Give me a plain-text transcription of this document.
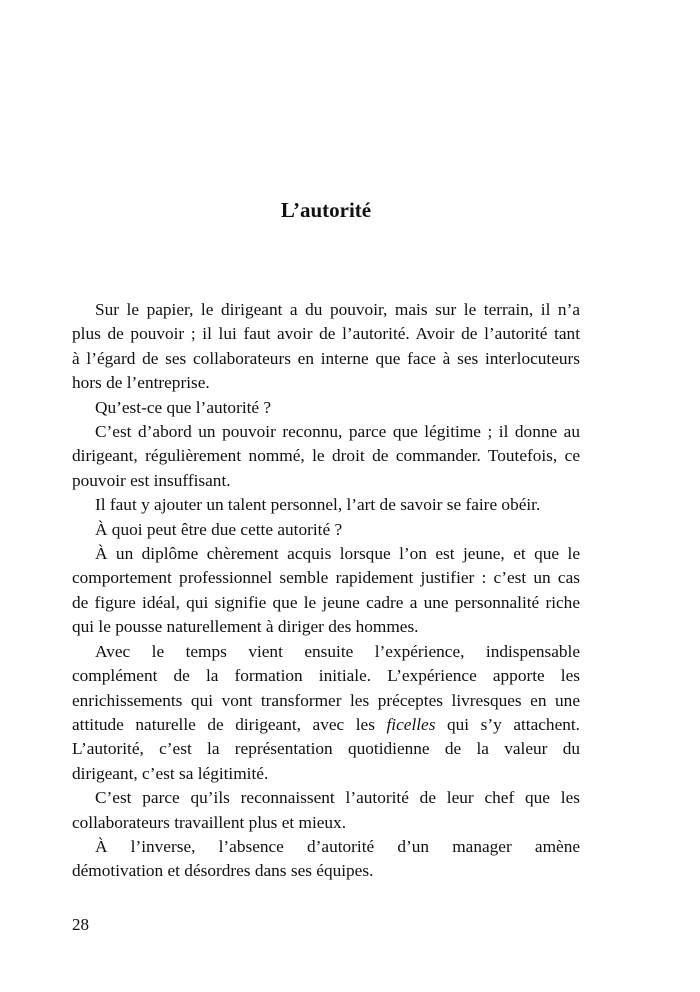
L’autorité
Sur le papier, le dirigeant a du pouvoir, mais sur le terrain, il n’a
plus de pouvoir ; il lui faut avoir de l’autorité. Avoir de l’autorité tant
à l’égard de ses collaborateurs en interne que face à ses interlocuteurs
hors de l’entreprise.
Qu’est-ce que l’autorité ?
C’est d’abord un pouvoir reconnu, parce que légitime ; il donne au
dirigeant, régulièrement nommé, le droit de commander. Toutefois, ce
pouvoir est insuffisant.
Il faut y ajouter un talent personnel, l’art de savoir se faire obéir.
À quoi peut être due cette autorité ?
À un diplôme chèrement acquis lorsque l’on est jeune, et que le
comportement professionnel semble rapidement justifier : c’est un cas
de figure idéal, qui signifie que le jeune cadre a une personnalité riche
qui le pousse naturellement à diriger des hommes.
Avec le temps vient ensuite l’expérience, indispensable
complément de la formation initiale. L’expérience apporte les
enrichissements qui vont transformer les préceptes livresques en une
attitude naturelle de dirigeant, avec les ficelles qui s’y attachent.
L’autorité, c’est la représentation quotidienne de la valeur du
dirigeant, c’est sa légitimité.
C’est parce qu’ils reconnaissent l’autorité de leur chef que les
collaborateurs travaillent plus et mieux.
À l’inverse, l’absence d’autorité d’un manager amène
démotivation et désordres dans ses équipes.
28
